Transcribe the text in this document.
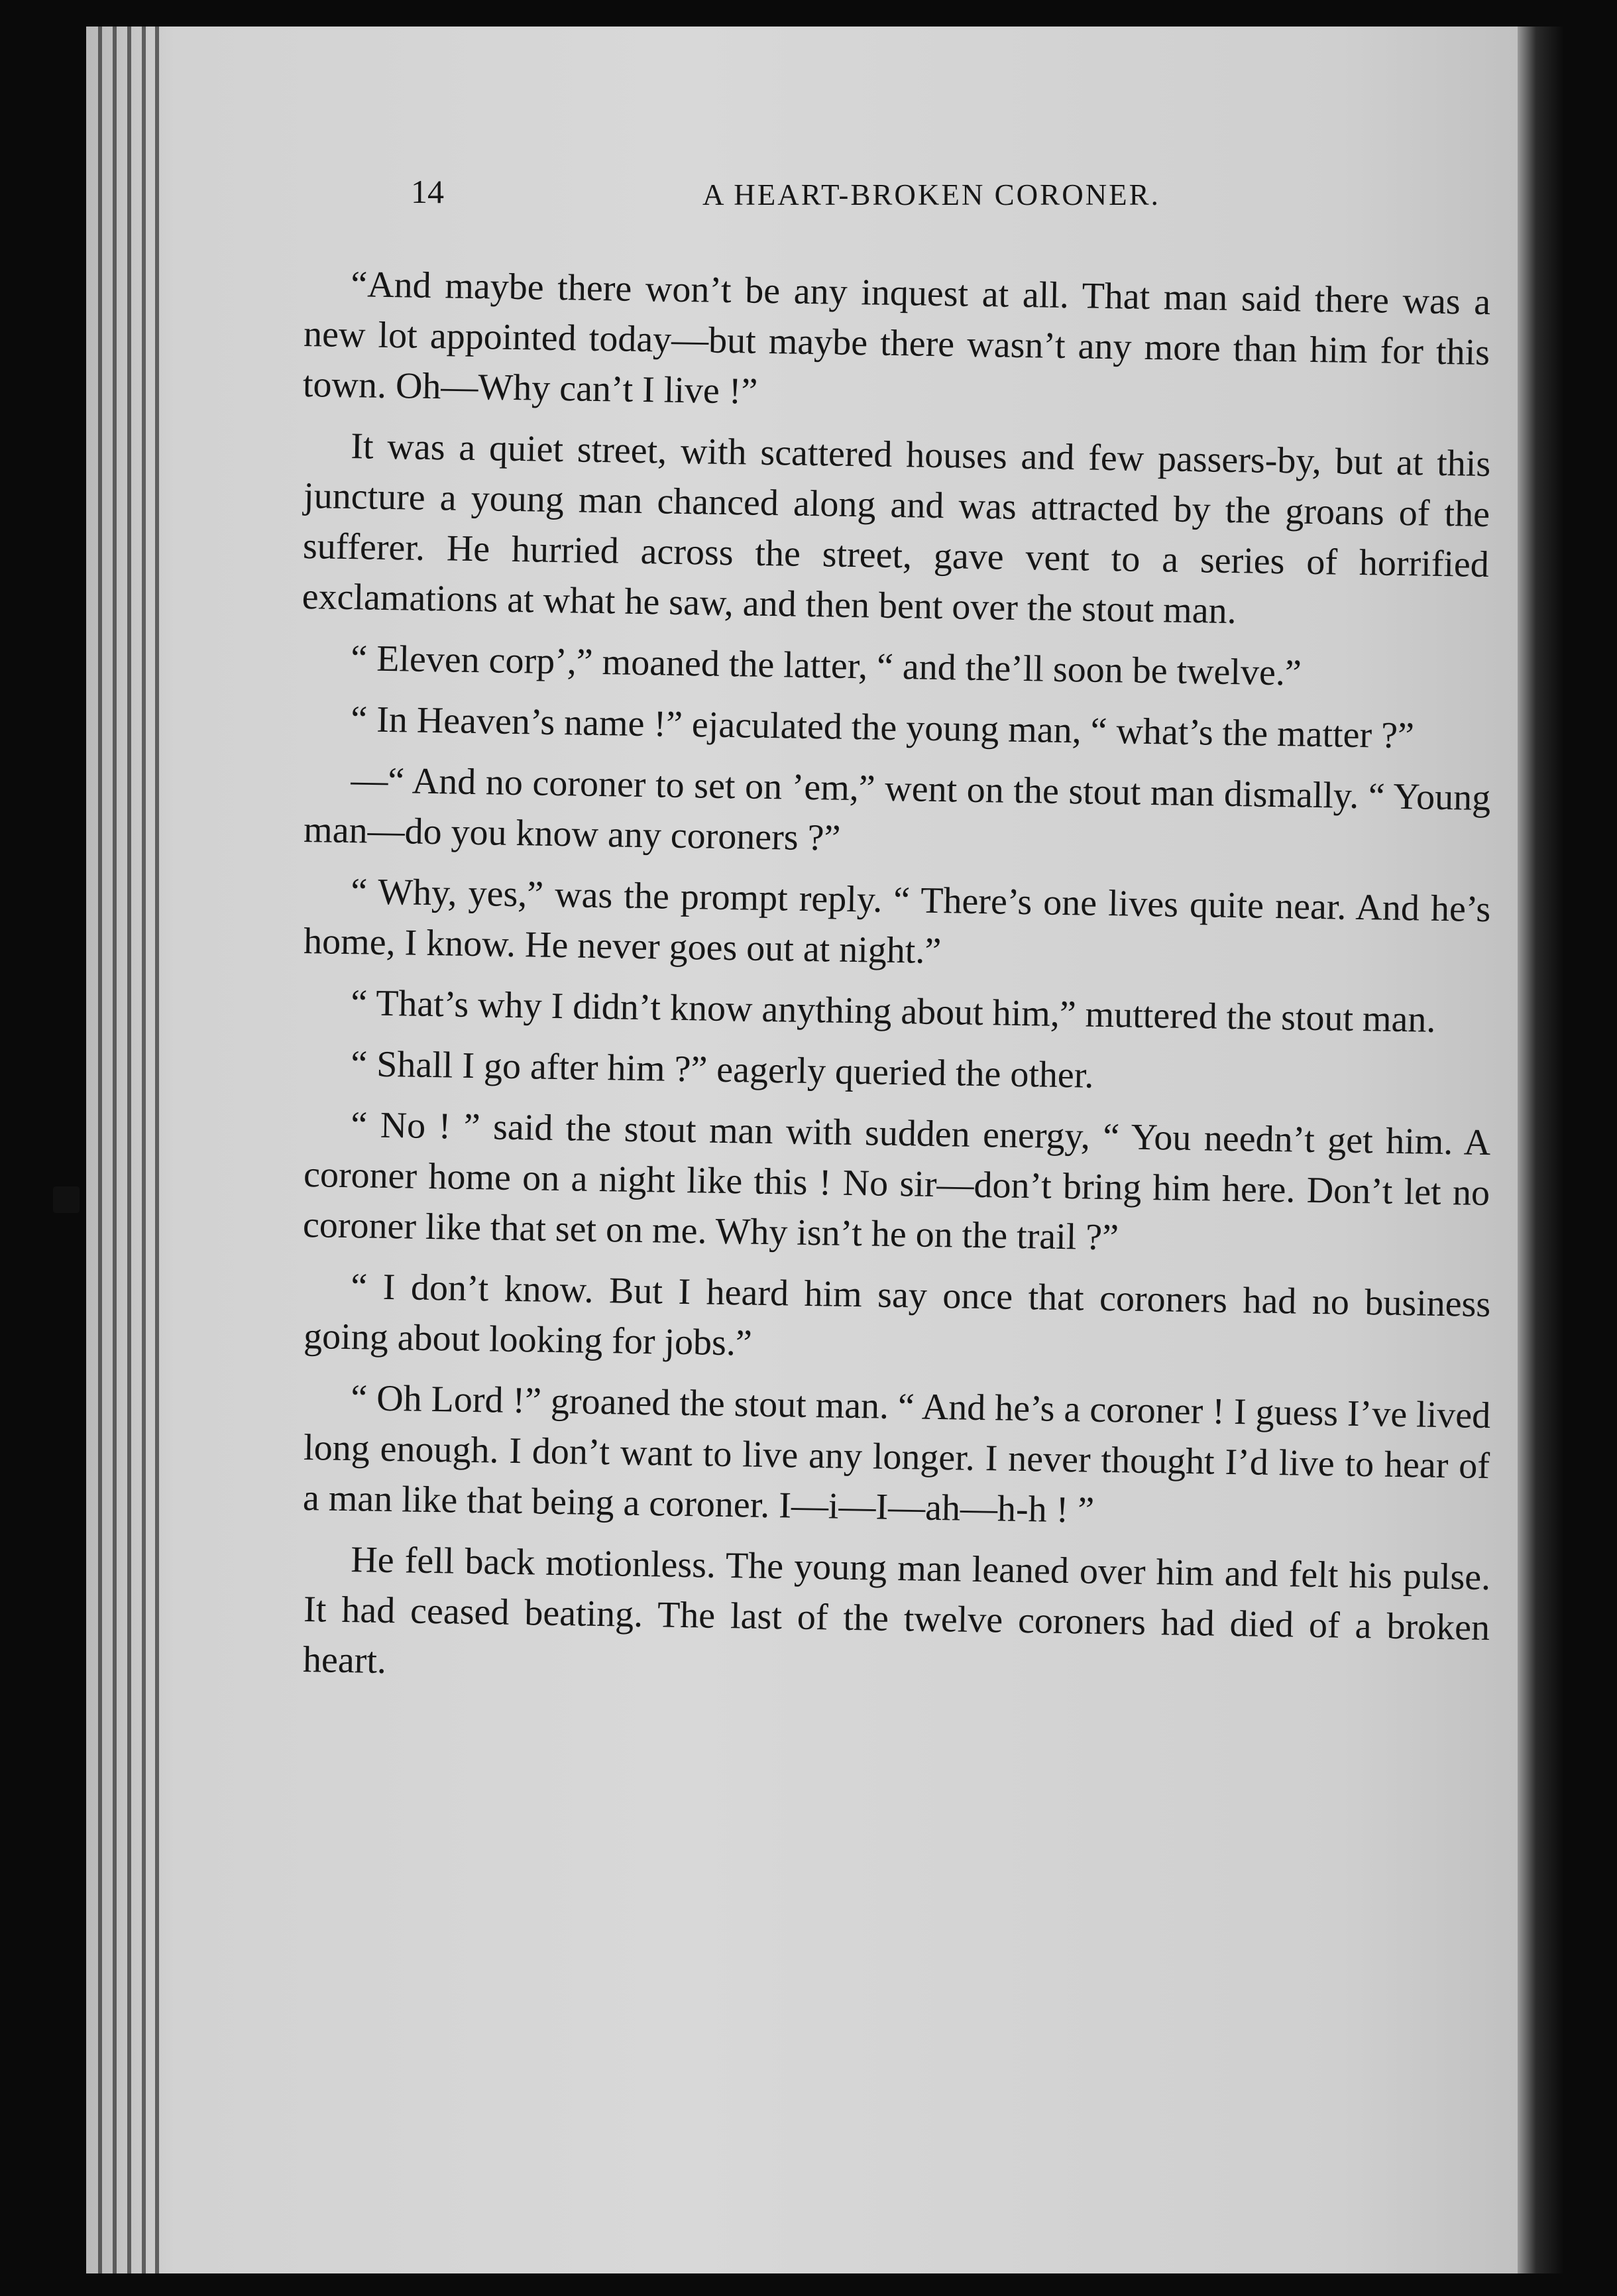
14	A HEART-BROKEN CORONER.

“And maybe there won’t be any inquest at all. That man said there was a new lot appointed today—but maybe there wasn’t any more than him for this town. Oh—Why can’t I live !”

It was a quiet street, with scattered houses and few passers-by, but at this juncture a young man chanced along and was attracted by the groans of the sufferer. He hurried across the street, gave vent to a series of horrified exclamations at what he saw, and then bent over the stout man.

“ Eleven corp’,” moaned the latter, “ and the’ll soon be twelve.”

“ In Heaven’s name !” ejaculated the young man, “ what’s the matter ?”

—“ And no coroner to set on ’em,” went on the stout man dismally. “ Young man—do you know any coroners ?”

“ Why, yes,” was the prompt reply. “ There’s one lives quite near. And he’s home, I know. He never goes out at night.”

“ That’s why I didn’t know anything about him,” muttered the stout man.

“ Shall I go after him ?” eagerly queried the other.

“ No ! ” said the stout man with sudden energy, “ You needn’t get him. A coroner home on a night like this ! No sir—don’t bring him here. Don’t let no coroner like that set on me. Why isn’t he on the trail ?”

“ I don’t know. But I heard him say once that coroners had no business going about looking for jobs.”

“ Oh Lord !” groaned the stout man. “ And he’s a coroner ! I guess I’ve lived long enough. I don’t want to live any longer. I never thought I’d live to hear of a man like that being a coroner. I—i—I—ah—h-h ! ”

He fell back motionless. The young man leaned over him and felt his pulse. It had ceased beating. The last of the twelve coroners had died of a broken heart.
